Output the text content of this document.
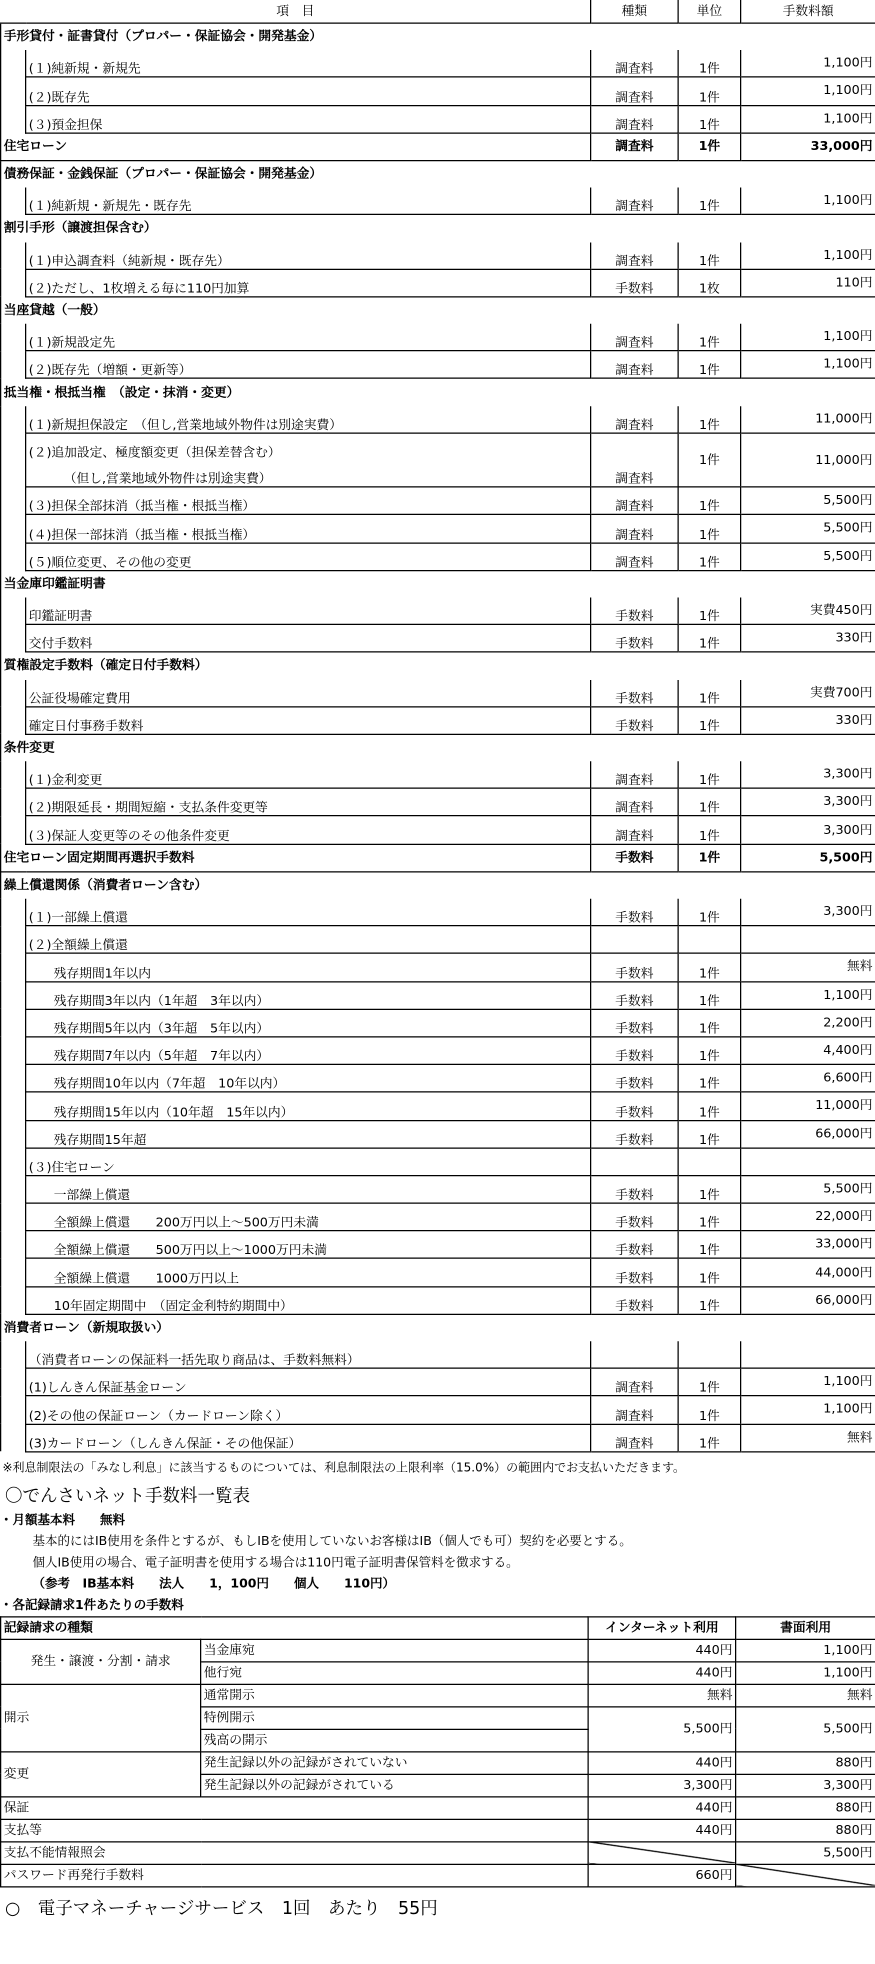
項　目		種類	単位	手数料額
手形貸付・証書貸付（プロパー・保証協会・開発基金）				
	(１)純新規・新規先	調査料	1件	1,100円
	(２)既存先	調査料	1件	1,100円
	(３)預金担保	調査料	1件	1,100円
住宅ローン		調査料	1件	33,000円
債務保証・金銭保証（プロパー・保証協会・開発基金）				
	(１)純新規・新規先・既存先	調査料	1件	1,100円
割引手形（譲渡担保含む）				
	(１)申込調査料（純新規・既存先）	調査料	1件	1,100円
	(２)ただし、1枚増える毎に110円加算	手数料	1枚	110円
当座貸越（一般）				
	(１)新規設定先	調査料	1件	1,100円
	(２)既存先（増額・更新等）	調査料	1件	1,100円
抵当権・根抵当権　（設定・抹消・変更）				
	(１)新規担保設定　（但し,営業地域外物件は別途実費）	調査料	1件	11,000円
	(２)追加設定、極度額変更（担保差替含む）		1件	11,000円
	（但し,営業地域外物件は別途実費）	調査料		
	(３)担保全部抹消（抵当権・根抵当権）	調査料	1件	5,500円
	(４)担保一部抹消（抵当権・根抵当権）	調査料	1件	5,500円
	(５)順位変更、その他の変更	調査料	1件	5,500円
当金庫印鑑証明書				
	印鑑証明書	手数料	1件	実費450円
	交付手数料	手数料	1件	330円
質権設定手数料（確定日付手数料）				
	公証役場確定費用	手数料	1件	実費700円
	確定日付事務手数料	手数料	1件	330円
条件変更				
	(１)金利変更	調査料	1件	3,300円
	(２)期限延長・期間短縮・支払条件変更等	調査料	1件	3,300円
	(３)保証人変更等のその他条件変更	調査料	1件	3,300円
住宅ローン固定期間再選択手数料		手数料	1件	5,500円
繰上償還関係（消費者ローン含む）				
	(１)一部繰上償還	手数料	1件	3,300円
	(２)全額繰上償還			
	残存期間1年以内	手数料	1件	無料
	残存期間3年以内（1年超　3年以内）	手数料	1件	1,100円
	残存期間5年以内（3年超　5年以内）	手数料	1件	2,200円
	残存期間7年以内（5年超　7年以内）	手数料	1件	4,400円
	残存期間10年以内（7年超　10年以内）	手数料	1件	6,600円
	残存期間15年以内（10年超　15年以内）	手数料	1件	11,000円
	残存期間15年超	手数料	1件	66,000円
	(３)住宅ローン			
	一部繰上償還	手数料	1件	5,500円
	全額繰上償還　　200万円以上～500万円未満	手数料	1件	22,000円
	全額繰上償還　　500万円以上～1000万円未満	手数料	1件	33,000円
	全額繰上償還　　1000万円以上	手数料	1件	44,000円
	10年固定期間中　（固定金利特約期間中）	手数料	1件	66,000円
消費者ローン（新規取扱い）				
	（消費者ローンの保証料一括先取り商品は、手数料無料）			
	(1)しんきん保証基金ローン	調査料	1件	1,100円
	(2)その他の保証ローン（カードローン除く）	調査料	1件	1,100円
	(3)カードローン（しんきん保証・その他保証）	調査料	1件	無料

※利息制限法の「みなし利息」に該当するものについては、利息制限法の上限利率（15.0%）の範囲内でお支払いただきます。

〇でんさいネット手数料一覧表

・月額基本料　　無料
基本的にはIB使用を条件とするが、もしIBを使用していないお客様はIB（個人でも可）契約を必要とする。
個人IB使用の場合、電子証明書を使用する場合は110円電子証明書保管料を徴求する。
（参考　IB基本料　　法人　　1，100円　　個人　　110円）
・各記録請求1件あたりの手数料
記録請求の種類		インターネット利用	書面利用
発生・譲渡・分割・請求	当金庫宛	440円	1,100円
	他行宛	440円	1,100円
開示	通常開示	無料	無料
	特例開示	5,500円	5,500円
	残高の開示		
変更	発生記録以外の記録がされていない	440円	880円
	発生記録以外の記録がされている	3,300円	3,300円
保証		440円	880円
支払等		440円	880円
支払不能情報照会			5,500円
パスワード再発行手数料		660円	

○　電子マネーチャージサービス　1回　あたり　55円
